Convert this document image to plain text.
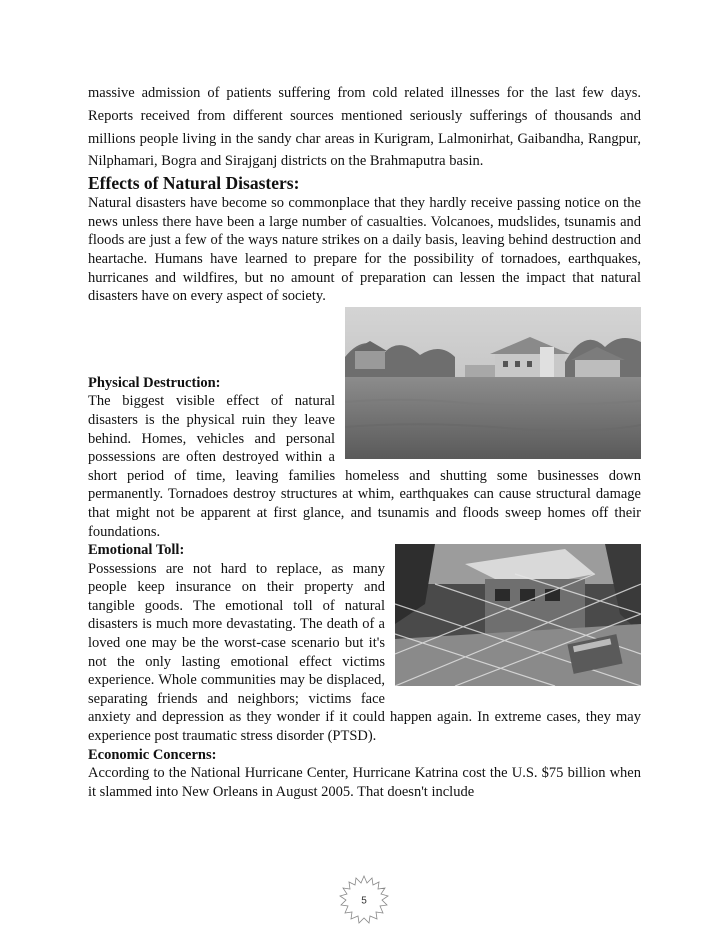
massive admission of patients suffering from cold related illnesses for the last few days. Reports received from different sources mentioned seriously sufferings of thousands and millions people living in the sandy char areas in Kurigram, Lalmonirhat, Gaibandha, Rangpur, Nilphamari, Bogra and Sirajganj districts on the Brahmaputra basin.

Effects of Natural Disasters:

Natural disasters have become so commonplace that they hardly receive passing notice on the news unless there have been a large number of casualties. Volcanoes, mudslides, tsunamis and floods are just a few of the ways nature strikes on a daily basis, leaving behind destruction and heartache. Humans have learned to prepare for the possibility of tornadoes, earthquakes, hurricanes and wildfires, but no amount of preparation can lessen the impact that natural disasters have on every aspect of society.

Physical Destruction:

The biggest visible effect of natural disasters is the physical ruin they leave behind. Homes, vehicles and personal possessions are often destroyed within a short period of time, leaving families homeless and shutting some businesses down permanently. Tornadoes destroy structures at whim, earthquakes can cause structural damage that might not be apparent at first glance, and tsunamis and floods sweep homes off their foundations.

Emotional Toll:

Possessions are not hard to replace, as many people keep insurance on their property and tangible goods. The emotional toll of natural disasters is much more devastating. The death of a loved one may be the worst-case scenario but it's not the only lasting emotional effect victims experience. Whole communities may be displaced, separating friends and neighbors; victims face anxiety and depression as they wonder if it could happen again. In extreme cases, they may experience post traumatic stress disorder (PTSD).

Economic Concerns:

According to the National Hurricane Center, Hurricane Katrina cost the U.S. $75 billion when it slammed into New Orleans in August 2005. That doesn't include

5
